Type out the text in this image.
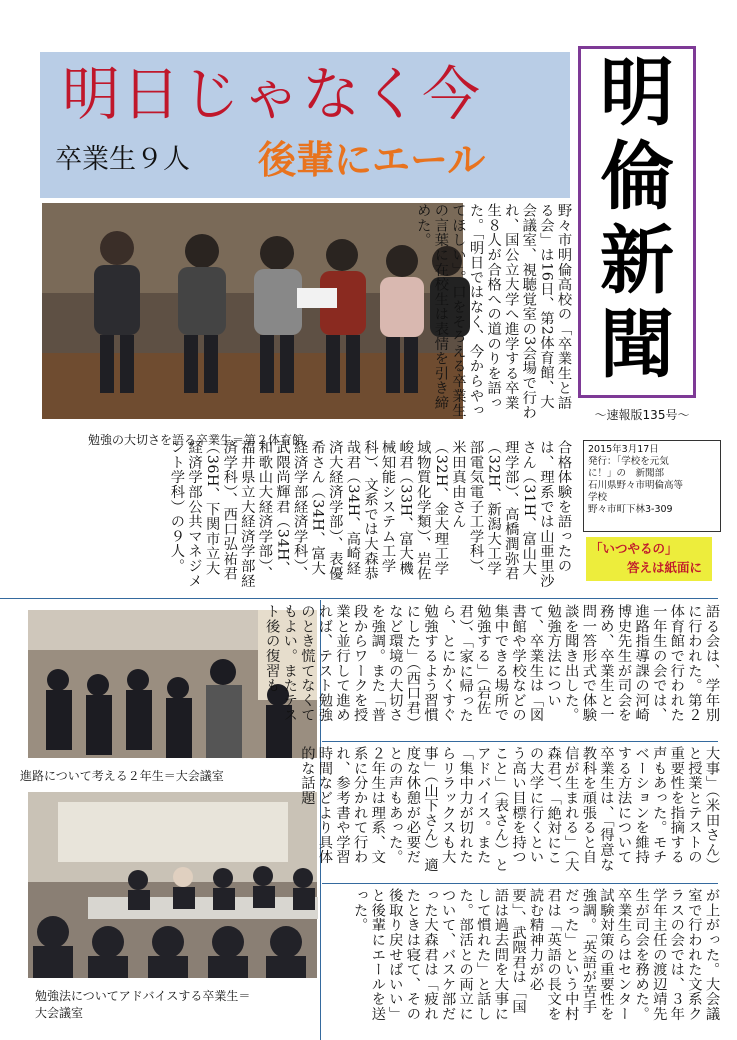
明日じゃなく今
卒業生９人 後輩にエール
明
倫
新
聞
～速報版135号～
2015年3月17日
発行：「学校を元気
に！」の　新聞部
石川県野々市明倫高等
学校
野々市町下林3-309
「いつやるの」
答えは紙面に
勉強の大切さを語る卒業生＝第２体育館
進路について考える２年生＝大会議室
勉強法についてアドバイスする卒業生＝
大会議室
野々市明倫高校の「卒業生と語る会」は16日、第2体育館、大会議室、視聴覚室の3会場で行われ、国公立大学へ進学する卒業生８人が合格への道のりを語った。「明日ではなく、今からやってほしい」。口をそろえる卒業生の言葉に在校生は表情を引き締めた。
合格体験を語ったのは、理系では山亜里沙さん（31H、富山大理学部）、高橋潤弥君（32H、新潟大工学部電気電子工学科）、米田真由さん（32H、金大理工学域物質化学類）、岩佐峻君（33H、富大機械知能システム工学科）、文系では大森恭哉君（34H、高崎経済大経済学部）、表優希さん（34H、富大経済学部経済学科）、武隈尚輝君（34H、和歌山大経済学部）、福井県立大経済学部経済学科）、西口弘祐君（36H、下関市立大経済学部公共マネジメント学科）の９人。
語る会は、学年別に行われた。第２体育館で行われた一年生の会では、進路指導課の河崎博史先生が司会を務め、卒業生と一問一答形式で体験談を聞き出した。勉強方法について、卒業生は「図書館や学校などの集中できる場所で勉強する」（岩佐君）、「家に帰ったら、とにかくすぐ勉強するよう習慣にした」（西口君）など環境の大切さを強調。また「普段からワークを授業と並行して進めれば、テスト勉強のとき慌てなくてもよい。またテスト後の復習も
大事」（米田さん）と授業とテストの重要性を指摘する声もあった。モチベーションを維持する方法について卒業生は、「得意な教科を頑張ると自信が生まれる」（大森君）、「絶対にこの大学に行くという高い目標を持つこと」（表さん）とアドバイス。また「集中力が切れたらリラックスも大事」（山下さん）適度な休憩が必要だとの声もあった。２年生は理系、文系に分かれて行われ、参考書や学習時間などより具体的な話題
が上がった。大会議室で行われた文系クラスの会では、３年学年主任の渡辺靖先生が司会を務めた。卒業生らはセンター試験対策の重要性を強調。「英語が苦手だった」という中村君は「英語の長文を読む精神力が必要」、武隈君は「国語は過去問を大事にして慣れた」と話した。部活との両立について、バスケ部だった大森君は「疲れたときは寝て、その後取り戻せばいい」と後輩にエールを送った。
